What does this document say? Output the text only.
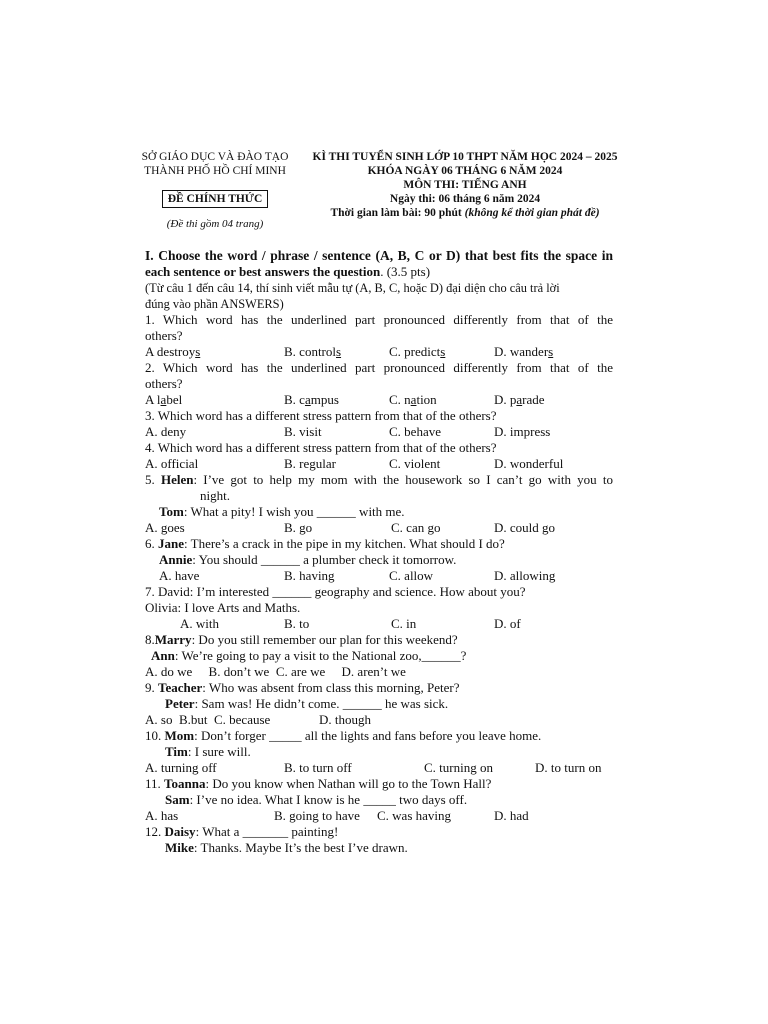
SỞ GIÁO DỤC VÀ ĐÀO TẠO
THÀNH PHỐ HỒ CHÍ MINH
ĐỀ CHÍNH THỨC
(Đề thi gồm 04 trang)
KÌ THI TUYỂN SINH LỚP 10 THPT NĂM HỌC 2024 – 2025
KHÓA NGÀY 06 THÁNG 6 NĂM 2024
MÔN THI: TIẾNG ANH
Ngày thi: 06 tháng 6 năm 2024
Thời gian làm bài: 90 phút (không kể thời gian phát đề)
I. Choose the word / phrase / sentence (A, B, C or D) that best fits the space in
each sentence or best answers the question. (3.5 pts)
(Từ câu 1 đến câu 14, thí sinh viết mẫu tự (A, B, C, hoặc D) đại diện cho câu trả lời
đúng vào phần ANSWERS)
1. Which word has the underlined part pronounced differently from that of the
others?
A destroys	B. controls	C. predicts	D. wanders
2. Which word has the underlined part pronounced differently from that of the
others?
A label	B. campus	C. nation	D. parade
3. Which word has a different stress pattern from that of the others?
A. deny	B. visit	C. behave	D. impress
4. Which word has a different stress pattern from that of the others?
A. official	B. regular	C. violent	D. wonderful
5. Helen: I’ve got to help my mom with the housework so I can’t go with you to
night.
Tom: What a pity! I wish you ______ with me.
A. goes	B. go	C. can go	D. could go
6. Jane: There’s a crack in the pipe in my kitchen. What should I do?
Annie: You should ______ a plumber check it tomorrow.
A. have	B. having	C. allow	D. allowing
7. David: I’m interested ______ geography and science. How about you?
Olivia: I love Arts and Maths.
A. with	B. to	C. in	D. of
8.Marry: Do you still remember our plan for this weekend?
Ann: We’re going to pay a visit to the National zoo,______?
A. do we     B. don’t we  C. are we     D. aren’t we
9. Teacher: Who was absent from class this morning, Peter?
Peter: Sam was! He didn’t come. ______ he was sick.
A. so  B.but  C. because	D. though
10. Mom: Don’t forger _____ all the lights and fans before you leave home.
Tim: I sure will.
A. turning off	B. to turn off	C. turning on	D. to turn on
11. Toanna: Do you know when Nathan will go to the Town Hall?
Sam: I’ve no idea. What I know is he _____ two days off.
A. has	B. going to have C. was having	D. had
12. Daisy: What a _______ painting!
Mike: Thanks. Maybe It’s the best I’ve drawn.
